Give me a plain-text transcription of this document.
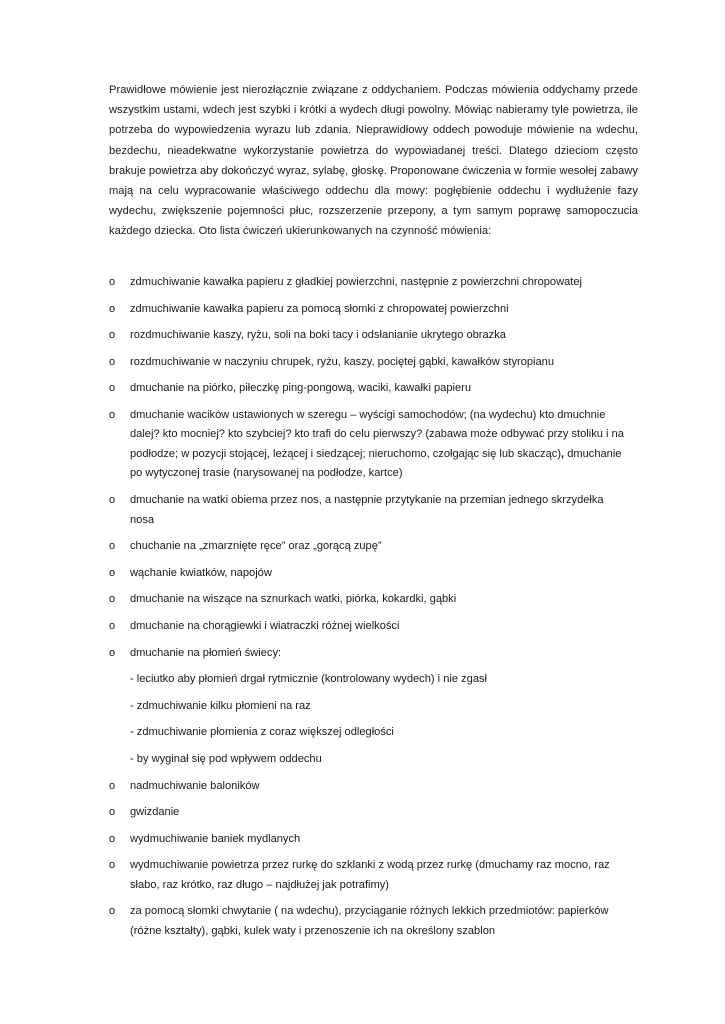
Prawidłowe mówienie jest nierozłącznie związane z oddychaniem. Podczas mówienia oddychamy przede wszystkim ustami, wdech jest szybki i krótki a wydech długi powolny. Mówiąc nabieramy tyle powietrza, ile potrzeba do wypowiedzenia wyrazu lub zdania. Nieprawidłowy oddech powoduje mówienie na wdechu, bezdechu, nieadekwatne wykorzystanie powietrza do wypowiadanej treści. Dlatego dzieciom często brakuje powietrza aby dokończyć wyraz, sylabę, głoskę. Proponowane ćwiczenia w formie wesołej zabawy mają na celu wypracowanie właściwego oddechu dla mowy: pogłębienie oddechu i wydłużenie fazy wydechu, zwiększenie pojemności płuc, rozszerzenie przepony, a tym samym poprawę samopoczucia każdego dziecka. Oto lista ćwiczeń ukierunkowanych na czynność mówienia:

o zdmuchiwanie kawałka papieru z gładkiej powierzchni, następnie z powierzchni chropowatej
o zdmuchiwanie kawałka papieru za pomocą słomki z chropowatej powierzchni
o rozdmuchiwanie kaszy, ryżu, soli na boki tacy i odsłanianie ukrytego obrazka
o rozdmuchiwanie w naczyniu chrupek, ryżu, kaszy, pociętej gąbki, kawałków styropianu
o dmuchanie na piórko, piłeczkę ping-pongową, waciki, kawałki papieru
o dmuchanie wacików ustawionych w szeregu – wyścigi samochodów; (na wydechu) kto dmuchnie dalej? kto mocniej? kto szybciej? kto trafi do celu pierwszy? (zabawa może odbywać przy stoliku i na podłodze; w pozycji stojącej, leżącej i siedzącej; nieruchomo, czołgając się lub skacząc), dmuchanie po wytyczonej trasie (narysowanej na podłodze, kartce)
o dmuchanie na watki obiema przez nos, a następnie przytykanie na przemian jednego skrzydełka nosa
o chuchanie na „zmarznięte ręce” oraz „gorącą zupę”
o wąchanie kwiatków, napojów
o dmuchanie na wiszące na sznurkach watki, piórka, kokardki, gąbki
o dmuchanie na chorągiewki i wiatraczki różnej wielkości
o dmuchanie na płomień świecy:
- leciutko aby płomień drgał rytmicznie (kontrolowany wydech) i nie zgasł
- zdmuchiwanie kilku płomieni na raz
- zdmuchiwanie płomienia z coraz większej odległości
- by wyginał się pod wpływem oddechu
o nadmuchiwanie baloników
o gwizdanie
o wydmuchiwanie baniek mydlanych
o wydmuchiwanie powietrza przez rurkę do szklanki z wodą przez rurkę (dmuchamy raz mocno, raz słabo, raz krótko, raz długo – najdłużej jak potrafimy)
o za pomocą słomki chwytanie ( na wdechu), przyciąganie różnych lekkich przedmiotów: papierków (różne kształty), gąbki, kulek waty i przenoszenie ich na określony szablon
